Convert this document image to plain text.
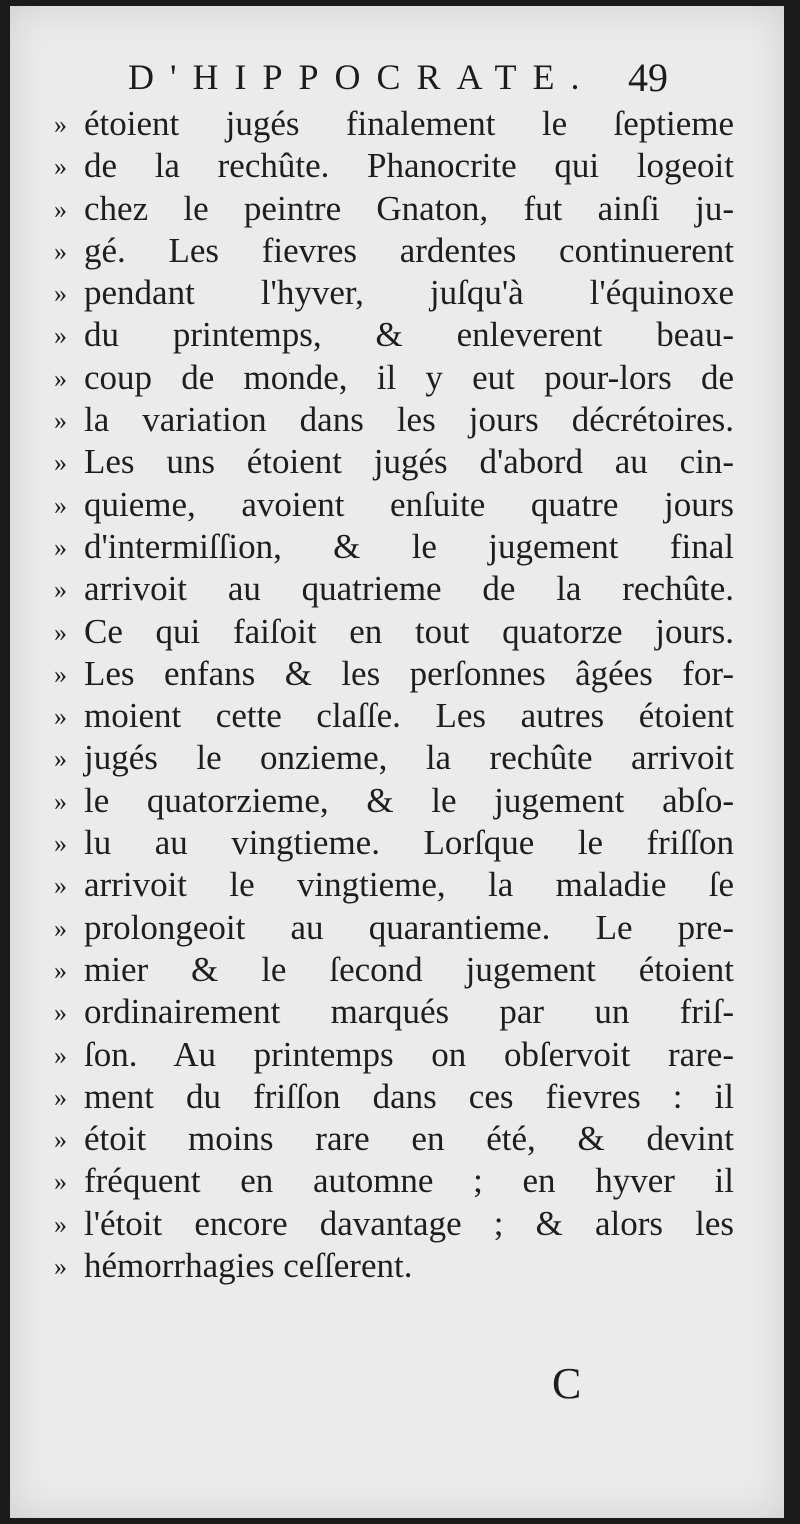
D'HIPPOCRATE. 49
» étoient jugés finalement le ſeptieme
» de la rechûte. Phanocrite qui logeoit
» chez le peintre Gnaton, fut ainſi ju-
» gé. Les fievres ardentes continuerent
» pendant l'hyver, juſqu'à l'équinoxe
» du printemps, & enleverent beau-
» coup de monde, il y eut pour-lors de
» la variation dans les jours décrétoires.
» Les uns étoient jugés d'abord au cin-
» quieme, avoient enſuite quatre jours
» d'intermiſſion, & le jugement final
» arrivoit au quatrieme de la rechûte.
» Ce qui faiſoit en tout quatorze jours.
» Les enfans & les perſonnes âgées for-
» moient cette claſſe. Les autres étoient
» jugés le onzieme, la rechûte arrivoit
» le quatorzieme, & le jugement abſo-
» lu au vingtieme. Lorſque le friſſon
» arrivoit le vingtieme, la maladie ſe
» prolongeoit au quarantieme. Le pre-
» mier & le ſecond jugement étoient
» ordinairement marqués par un friſ-
» ſon. Au printemps on obſervoit rare-
» ment du friſſon dans ces fievres : il
» étoit moins rare en été, & devint
» fréquent en automne ; en hyver il
» l'étoit encore davantage ; & alors les
» hémorrhagies ceſſerent.
C
